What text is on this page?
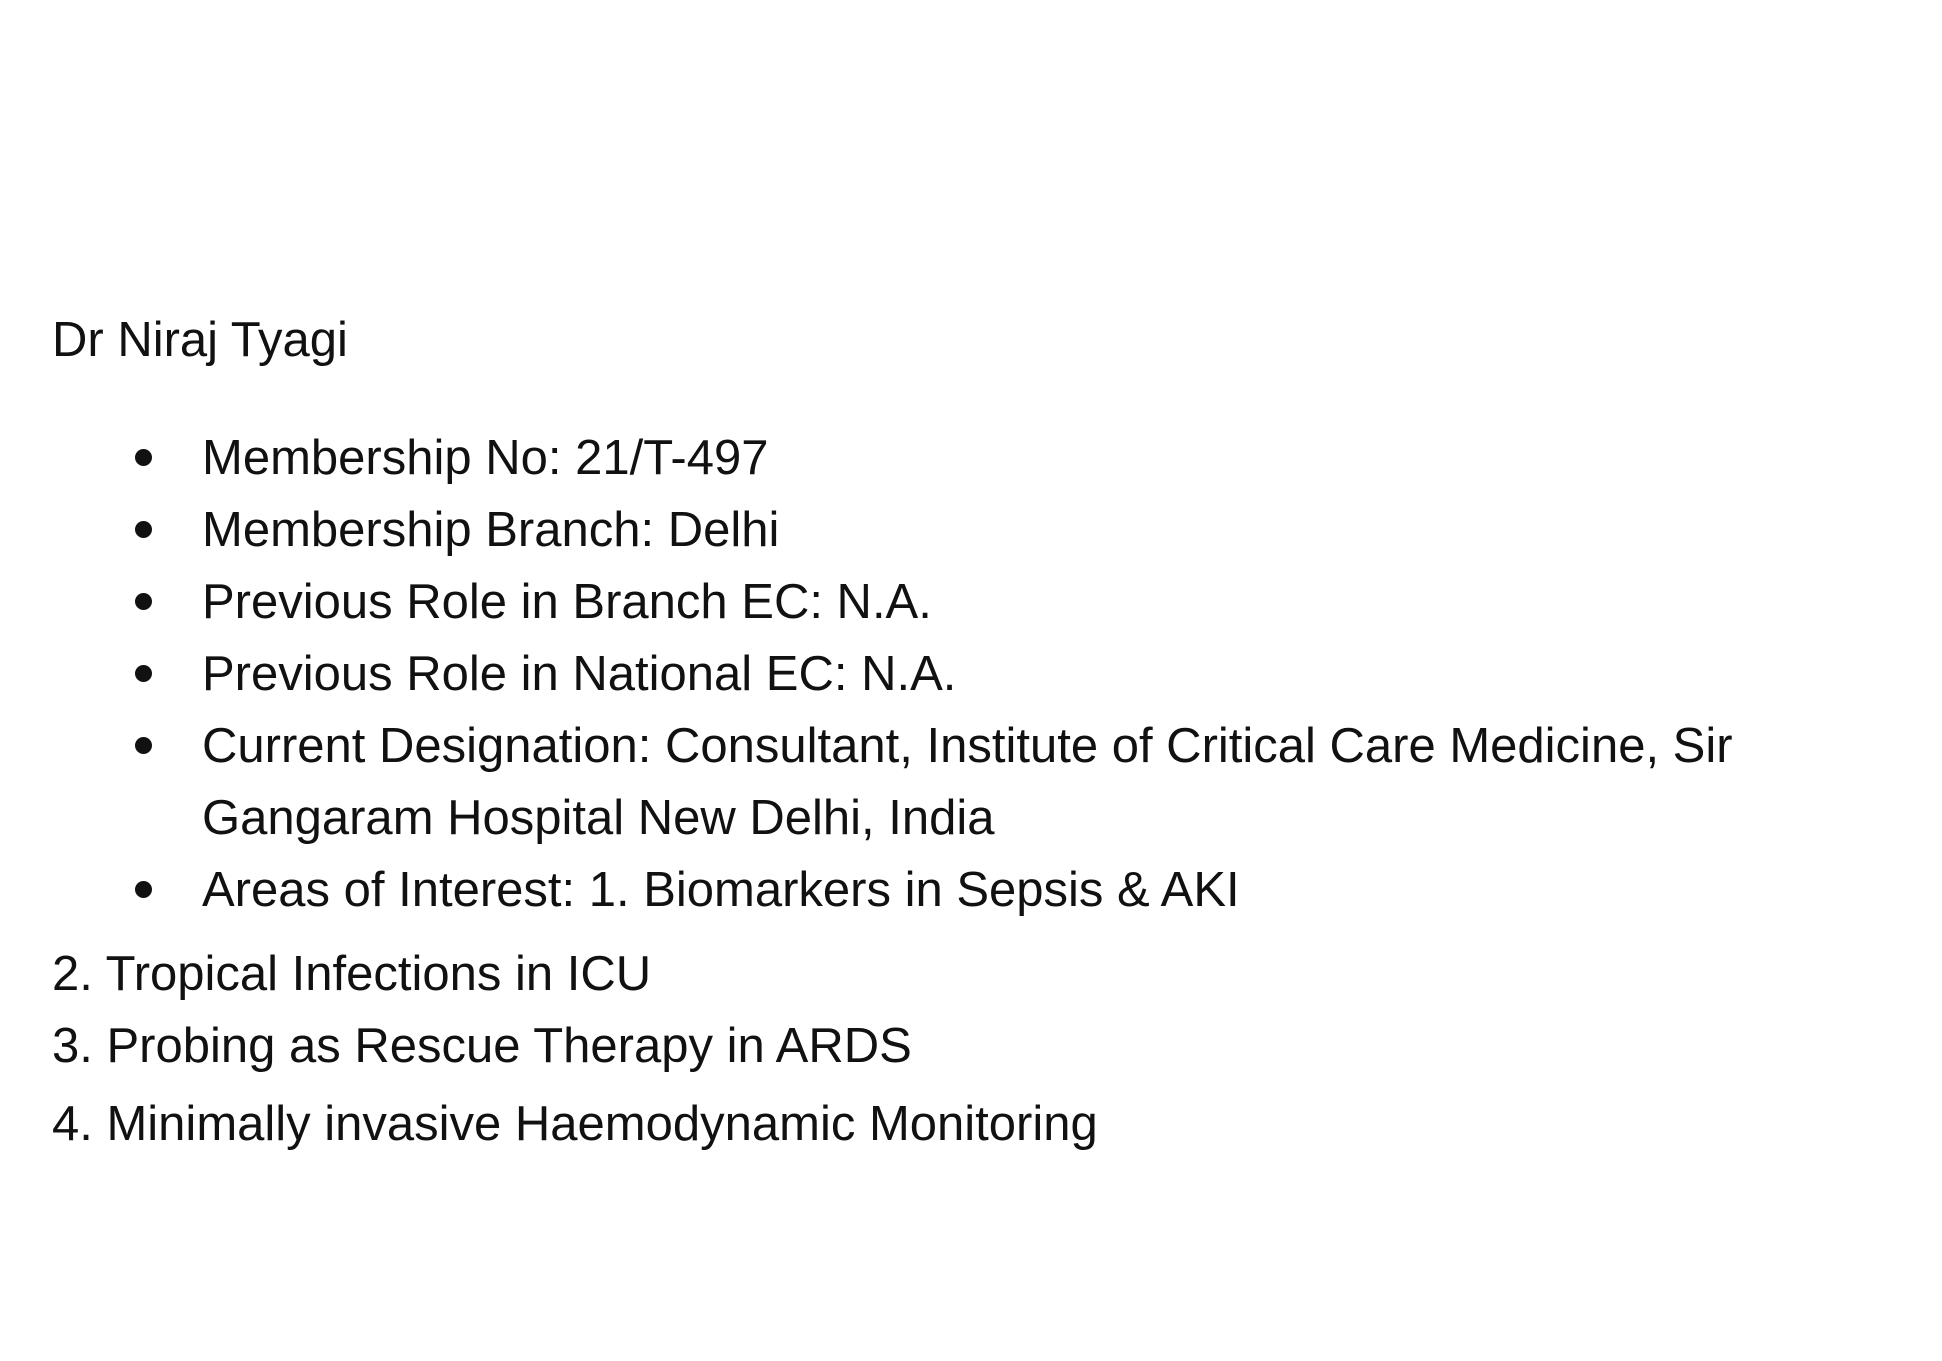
Dr Niraj Tyagi
Membership No: 21/T-497
Membership Branch: Delhi
Previous Role in Branch EC: N.A.
Previous Role in National EC: N.A.
Current Designation: Consultant, Institute of Critical Care Medicine, Sir Gangaram Hospital New Delhi, India
Areas of Interest: 1. Biomarkers in Sepsis & AKI
2. Tropical Infections in ICU
3. Probing as Rescue Therapy in ARDS
4. Minimally invasive Haemodynamic Monitoring
